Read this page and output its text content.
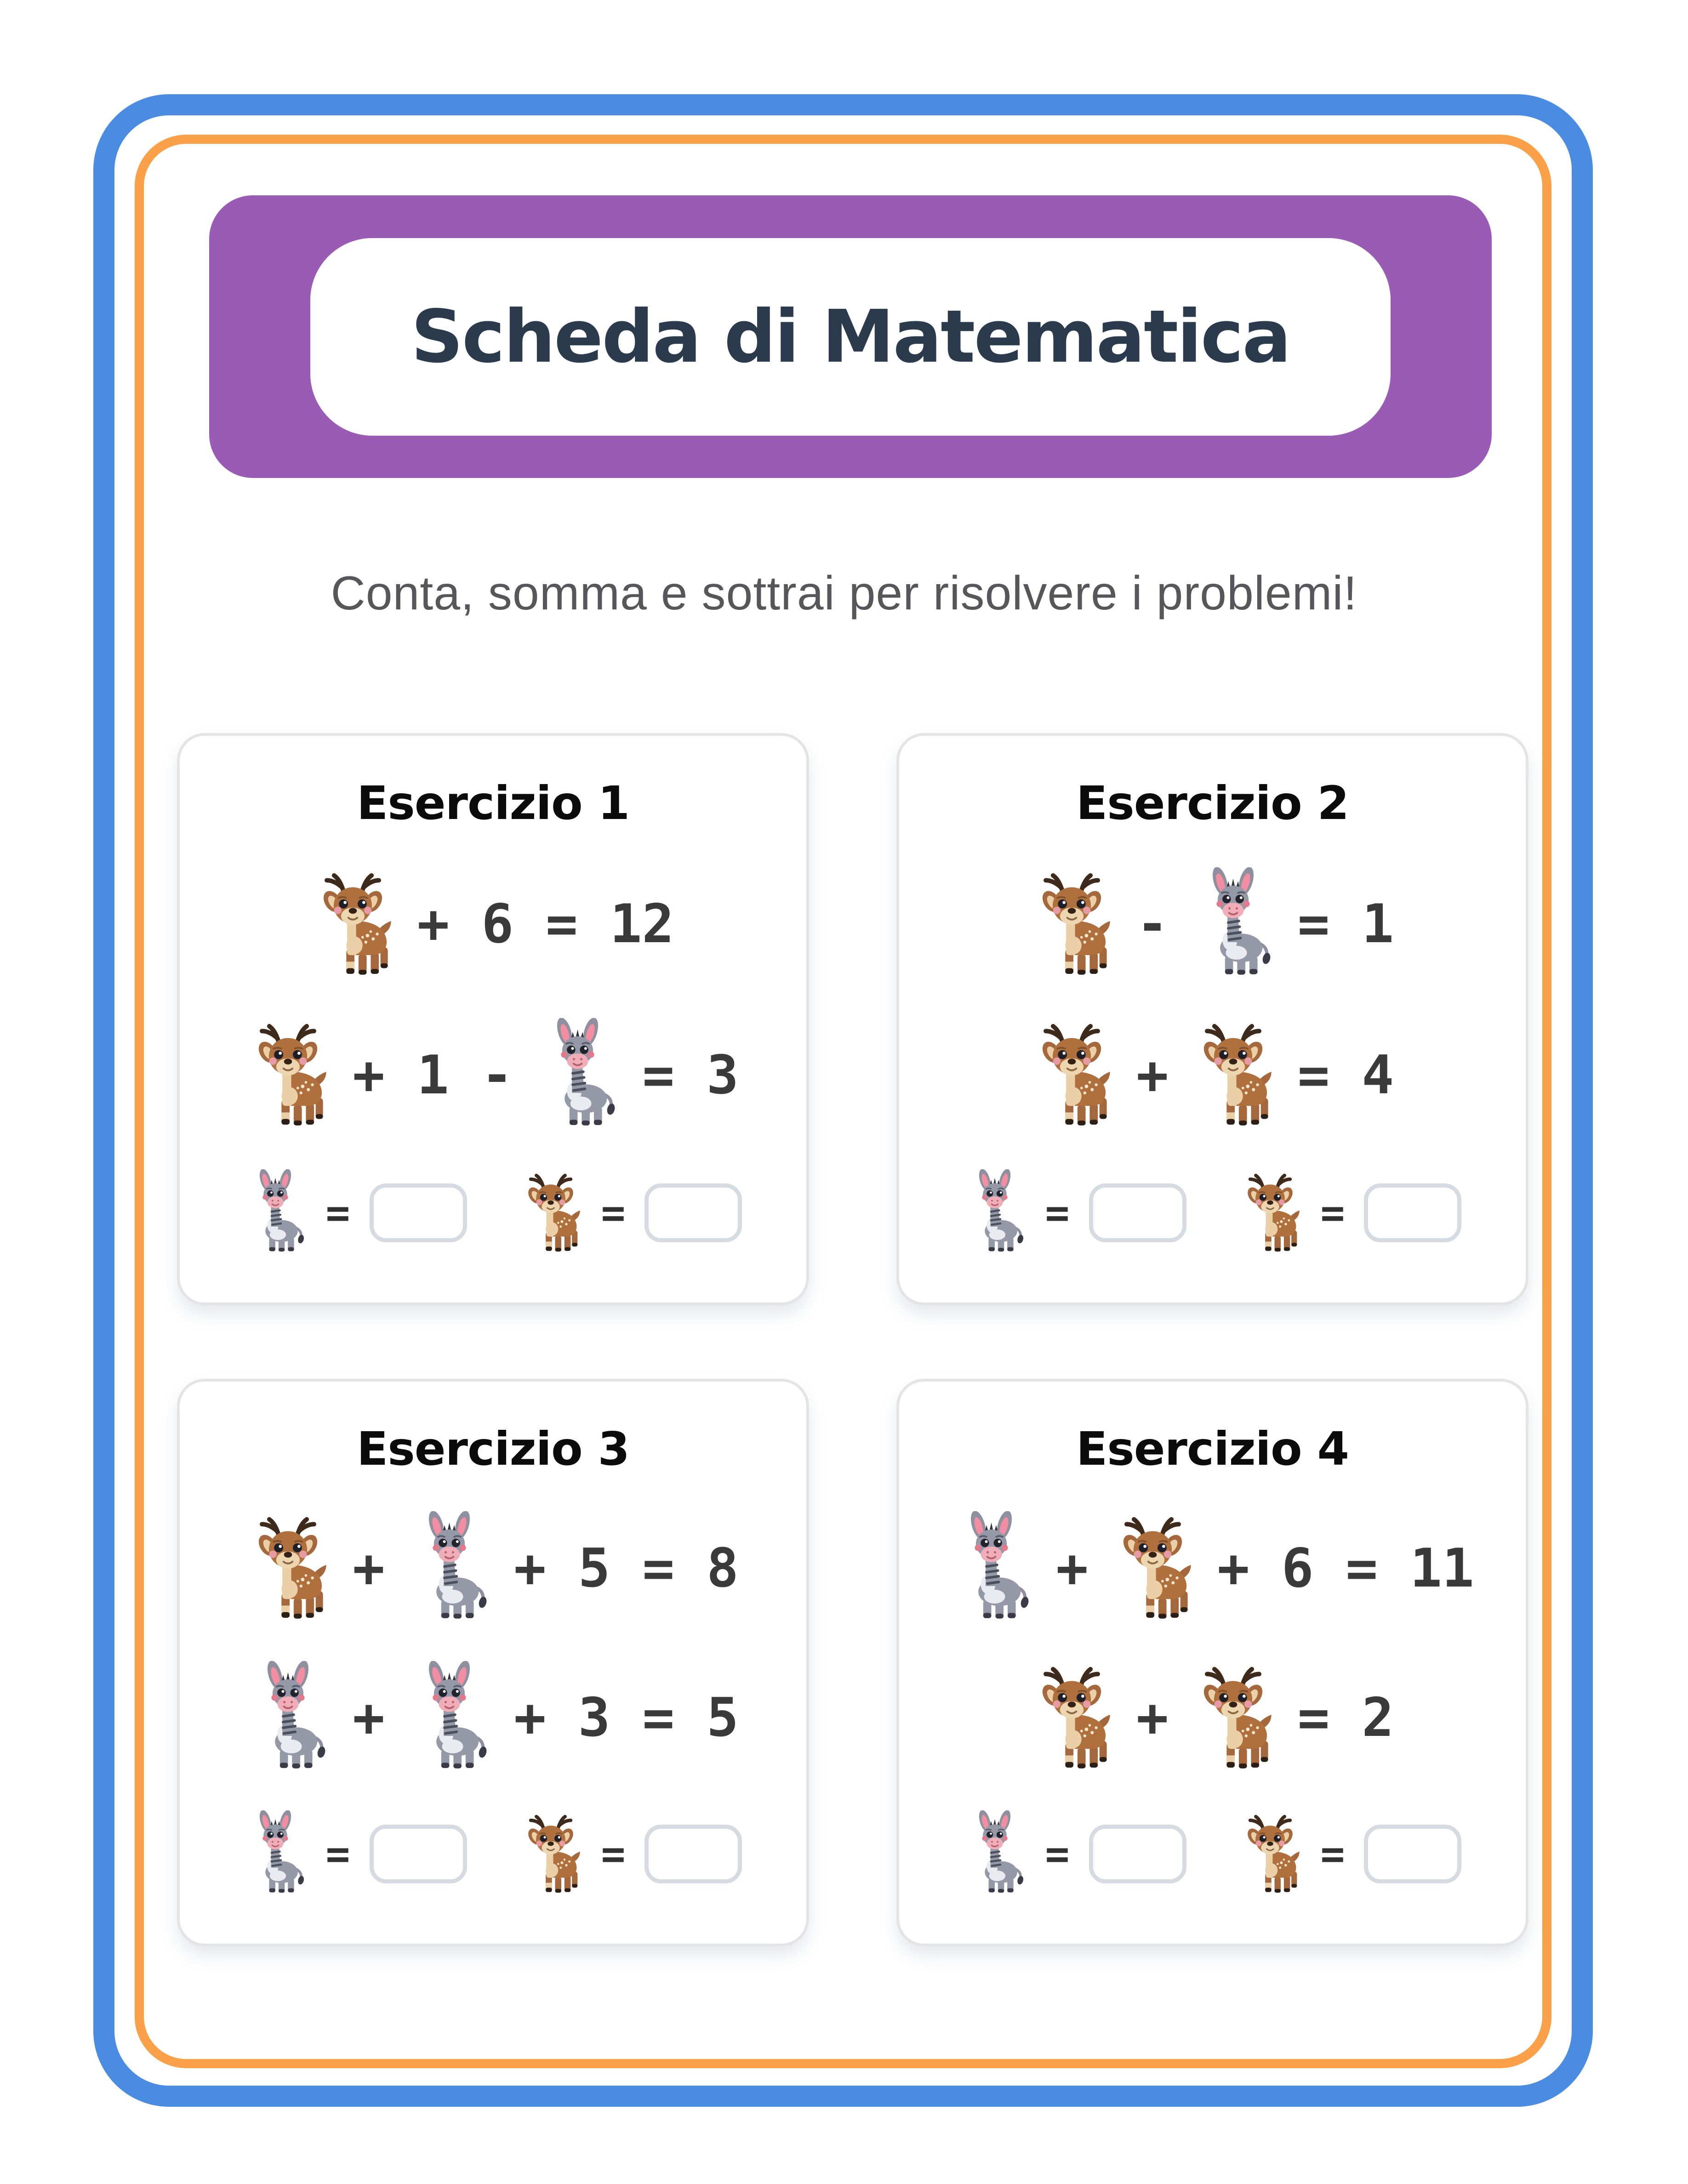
Scheda di Matematica

Conta, somma e sottrai per risolvere i problemi!

Esercizio 1
+ 6 = 12
+ 1 - = 3
=	=
Esercizio 2
- = 1
+ = 4
=	=
Esercizio 3
+ + 5 = 8
+ + 3 = 5
=	=
Esercizio 4
+ + 6 = 11
+ = 2
=	=
